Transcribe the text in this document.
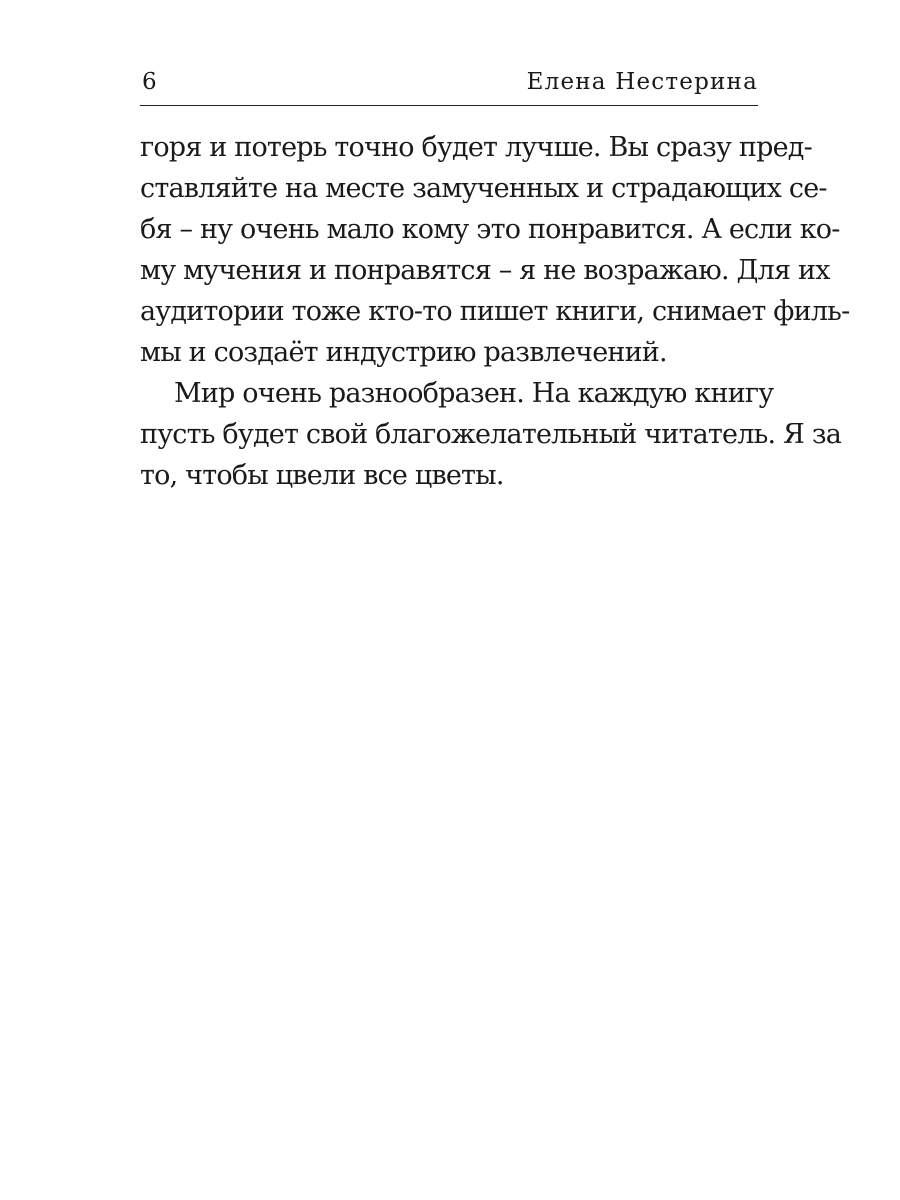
6	Елена Нестерина
горя и потерь точно будет лучше. Вы сразу пред-
ставляйте на месте замученных и страдающих се-
бя – ну очень мало кому это понравится. А если ко-
му мучения и понравятся – я не возражаю. Для их
аудитории тоже кто-то пишет книги, снимает филь-
мы и создаёт индустрию развлечений.
Мир очень разнообразен. На каждую книгу
пусть будет свой благожелательный читатель. Я за
то, чтобы цвели все цветы.
